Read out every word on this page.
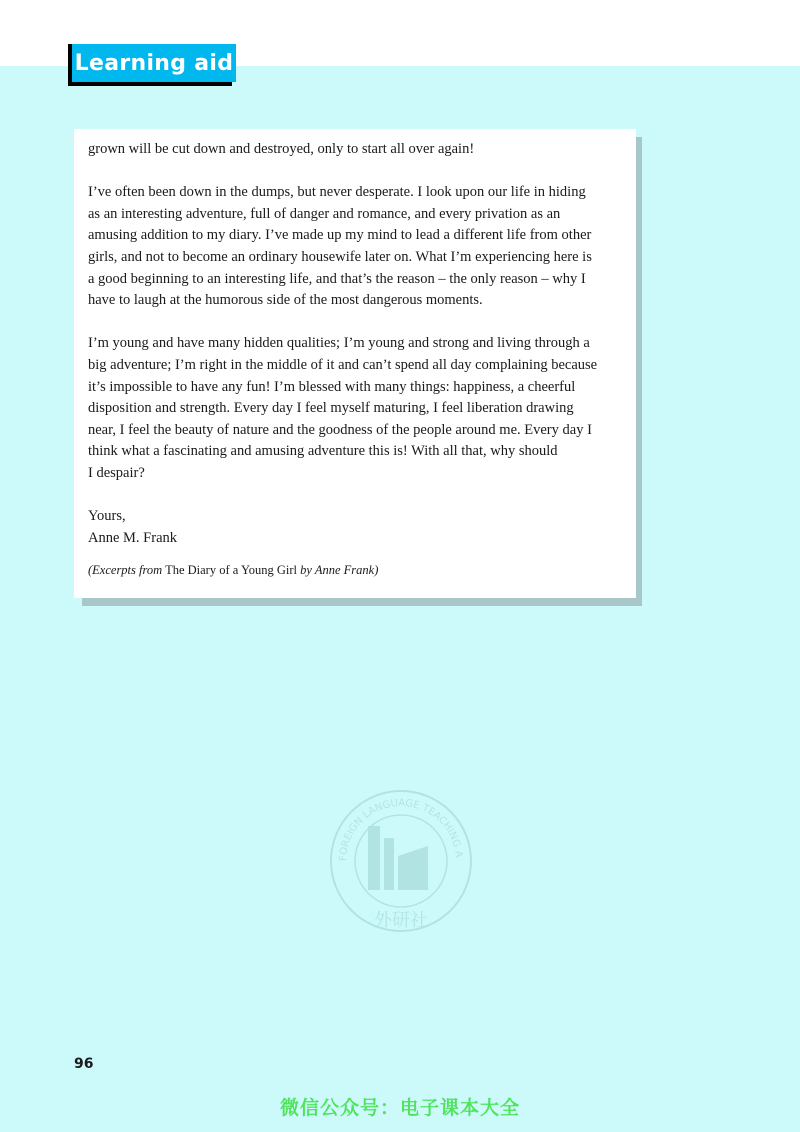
Learning aid

grown will be cut down and destroyed, only to start all over again!

I’ve often been down in the dumps, but never desperate. I look upon our life in hiding

as an interesting adventure, full of danger and romance, and every privation as an

amusing addition to my diary. I’ve made up my mind to lead a different life from other

girls, and not to become an ordinary housewife later on. What I’m experiencing here is

a good beginning to an interesting life, and that’s the reason – the only reason – why I

have to laugh at the humorous side of the most dangerous moments.

I’m young and have many hidden qualities; I’m young and strong and living through a

big adventure; I’m right in the middle of it and can’t spend all day complaining because

it’s impossible to have any fun! I’m blessed with many things: happiness, a cheerful

disposition and strength. Every day I feel myself maturing, I feel liberation drawing

near, I feel the beauty of nature and the goodness of the people around me. Every day I

think what a fascinating and amusing adventure this is! With all that, why should

I despair?

Yours,

Anne M. Frank

(Excerpts from The Diary of a Young Girl by Anne Frank)

FOREIGN LANGUAGE TEACHING A
外研社
96
微信公众号：电子课本大全
